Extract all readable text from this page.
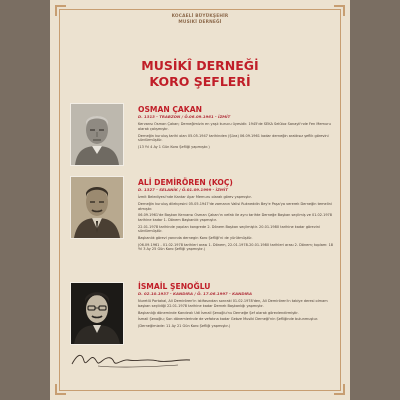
KOCAELİ BÜYÜKŞEHİR
MUSIKİ DERNEĞİ
MUSİKÎ DERNEĞİ
KORO ŞEFLERİ
OSMAN ÇAKAN
D. 1313 - TRABZON / Ö.06.09.1961 - İZMİT
Kervansı Osman Çakan; Derneğimizin en yaşlı kurucu üyesidir. 1945'de SEKA Selüloz Sanayii'nde Fen Memuru olarak çalışmıştır.
Derneğin kuruluş tarihi olan 05.05.1947 tarihinden (Şûra) 06.09.1961 kadar derneğin aralıksız şeflik görevini sürdürmüştür.
(13 Yıl 4 Ay 1 Gün Koro Şefliği yapmıştır.)
ALİ DEMİRÖREN (KOÇ)
D. 1327 - SELANİK / Ö.01.09.1999 - İZMİT
İzmit Belediyesi'nde Kantar Ayar Memuru olarak görev yapmıştır.
Derneğin kuruluş dilekçesini 05.05.1947'de zamanın Valisi Rukneddin Bey'e Paşa'ya vererek Derneğin temelini atmıştır.
06.09.1961'de Başkan Kervansı Osman Çakan'ın vefatı ile aynı tarihte Derneğe Başkan seçilmiş ve 01.02.1978 tarihine kadar 1. Dönem Başkanlık yapmıştır.
22.01.1978 tarihinde yapılan kongrede 2. Dönem Başkan seçilmiştir. 20.01.1980 tarihine kadar görevini sürdürmüştür.
Başkanlık görevi yanında dernegin Koro Şefliği'ni de yürütmüştür.
(06.09.1961 - 01.02.1978 tarihleri arası 1. Dönem, 22.01.1978-20.01.1980 tarihleri arası 2. Dönem; toplam: 18 Yıl 3 Ay 25 Gün Koro Şefliği yapmıştır.)
İSMAİL ŞENOĞLU
D. 02.10.1937 - KANDIRA / Ö. 17.06.1997 - KANDIRA
Nuretlü Portakal, Ali Demirören'in istifasından sonraki 01.02.1978'den, Ali Demirören'in tabiye deresi olmam başkan seçildiği 22.01.1978 tarihine kadar Dernek Başkanlığı yapmıştır.
Başkanlığı döneminde Kandıralı Udi İsmail Şenoğlu'nu Derneğe Şef olarak görevlendirmiştir.
İsmail Şenoğlu; Son dönemlerinde de vefatına kadar Gebze Musiki Derneği'nin Şefliğinde bulunmuştur.
(Derneğimizde: 11 Ay 21 Gün Koro Şefliği yapmıştır.)
